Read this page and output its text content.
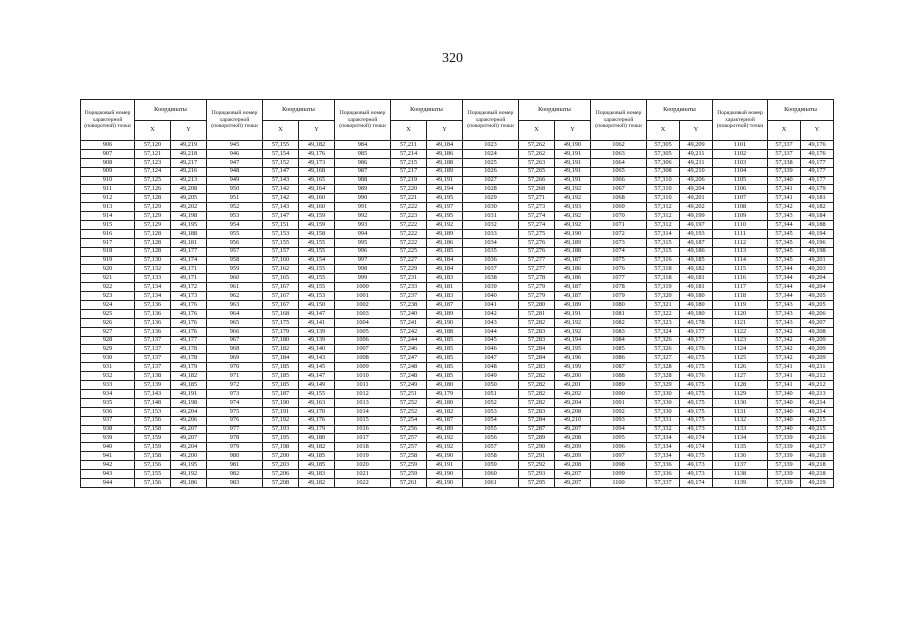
320
Порядковый номер характерной (поворотной) точки	Координаты		Порядковый номер характерной (поворотной) точки	Координаты		Порядковый номер характерной (поворотной) точки	Координаты		Порядковый номер характерной (поворотной) точки	Координаты		Порядковый номер характерной (поворотной) точки	Координаты		Порядковый номер характерной (поворотной) точки	Координаты	
	X	Y		X	Y		X	Y		X	Y		X	Y		X	Y
906	57,120	49,219	945	57,155	49,182	984	57,211	49,184	1023	57,262	49,190	1062	57,305	49,209	1101	57,337	49,176
907	57,121	49,218	946	57,154	49,176	985	57,214	49,186	1024	57,262	49,191	1063	57,305	49,211	1102	57,337	49,176
908	57,123	49,217	947	57,152	49,173	986	57,215	49,188	1025	57,263	49,191	1064	57,306	49,211	1103	57,338	49,177
909	57,124	49,216	948	57,147	49,168	987	57,217	49,189	1026	57,265	49,191	1065	57,308	49,210	1104	57,339	49,177
910	57,125	49,213	949	57,143	49,165	988	57,219	49,191	1027	57,266	49,191	1066	57,310	49,206	1105	57,340	49,177
911	57,126	49,208	950	57,142	49,164	989	57,220	49,194	1028	57,268	49,192	1067	57,310	49,204	1106	57,341	49,179
912	57,128	49,205	951	57,142	49,160	990	57,221	49,195	1029	57,271	49,192	1068	57,310	49,201	1107	57,341	49,181
913	57,129	49,202	952	57,143	49,160	991	57,222	49,197	1030	57,273	49,193	1069	57,312	49,202	1108	57,342	49,182
914	57,129	49,198	953	57,147	49,159	992	57,223	49,195	1031	57,274	49,192	1070	57,312	49,199	1109	57,343	49,184
915	57,129	49,195	954	57,151	49,159	993	57,222	49,192	1032	57,274	49,192	1071	57,312	49,197	1110	57,344	49,188
916	57,128	49,188	955	57,153	49,158	994	57,222	49,189	1033	57,275	49,190	1072	57,314	49,193	1111	57,345	49,194
917	57,128	49,181	956	57,155	49,155	995	57,222	49,186	1034	57,276	49,189	1073	57,315	49,187	1112	57,345	49,196
918	57,128	49,177	957	57,157	49,155	996	57,225	49,185	1035	57,276	49,188	1074	57,315	49,186	1113	57,345	49,198
919	57,130	49,174	958	57,160	49,154	997	57,227	49,184	1036	57,277	49,187	1075	57,316	49,185	1114	57,345	49,201
920	57,132	49,171	959	57,162	49,155	998	57,229	49,184	1037	57,277	49,186	1076	57,318	49,182	1115	57,344	49,203
921	57,133	49,171	960	57,165	49,155	999	57,231	49,183	1038	57,278	49,186	1077	57,318	49,181	1116	57,344	49,204
922	57,134	49,172	961	57,167	49,155	1000	57,233	49,181	1039	57,279	49,187	1078	57,319	49,181	1117	57,344	49,204
923	57,134	49,173	962	57,167	49,153	1001	57,237	49,183	1040	57,279	49,187	1079	57,320	49,180	1118	57,344	49,205
924	57,136	49,176	963	57,167	49,150	1002	57,238	49,187	1041	57,280	49,189	1080	57,321	49,180	1119	57,343	49,205
925	57,136	49,176	964	57,168	49,147	1003	57,240	49,189	1042	57,281	49,191	1081	57,322	49,180	1120	57,343	49,206
926	57,136	49,176	965	57,175	49,141	1004	57,241	49,190	1043	57,282	49,192	1082	57,323	49,178	1121	57,343	49,207
927	57,136	49,176	966	57,179	49,139	1005	57,242	49,188	1044	57,283	49,192	1083	57,324	49,177	1122	57,342	49,208
928	57,137	49,177	967	57,180	49,139	1006	57,244	49,185	1045	57,283	49,194	1084	57,326	49,177	1123	57,342	49,209
929	57,137	49,178	968	57,182	49,140	1007	57,246	49,185	1046	57,284	49,195	1085	57,326	49,176	1124	57,342	49,209
930	57,137	49,178	969	57,184	49,143	1008	57,247	49,185	1047	57,284	49,196	1086	57,327	49,175	1125	57,342	49,209
931	57,137	49,179	970	57,185	49,145	1009	57,248	49,185	1048	57,283	49,199	1087	57,328	49,175	1126	57,341	49,211
932	57,138	49,182	971	57,185	49,147	1010	57,248	49,185	1049	57,282	49,200	1088	57,328	49,176	1127	57,341	49,212
933	57,139	49,185	972	57,185	49,149	1011	57,249	49,180	1050	57,282	49,201	1089	57,329	49,175	1128	57,341	49,212
934	57,143	49,191	973	57,187	49,155	1012	57,251	49,179	1051	57,282	49,202	1090	57,330	49,175	1129	57,340	49,213
935	57,148	49,198	974	57,190	49,163	1013	57,252	49,180	1052	57,282	49,204	1091	57,330	49,175	1130	57,340	49,214
936	57,153	49,204	975	57,191	49,170	1014	57,252	49,182	1053	57,283	49,208	1092	57,330	49,175	1131	57,340	49,214
937	57,156	49,206	976	57,192	49,176	1015	57,254	49,187	1054	57,284	49,210	1093	57,331	49,175	1132	57,340	49,215
938	57,158	49,207	977	57,193	49,179	1016	57,256	49,189	1055	57,287	49,207	1094	57,332	49,173	1133	57,340	49,215
939	57,159	49,207	978	57,195	49,180	1017	57,257	49,192	1056	57,289	49,208	1095	57,334	49,174	1134	57,339	49,216
940	57,159	49,204	979	57,198	49,182	1018	57,257	49,192	1057	57,290	49,209	1096	57,334	49,174	1135	57,339	49,217
941	57,158	49,200	980	57,200	49,185	1019	57,258	49,190	1058	57,291	49,209	1097	57,334	49,175	1136	57,339	49,218
942	57,156	49,195	981	57,203	49,185	1020	57,259	49,191	1059	57,292	49,208	1098	57,336	49,173	1137	57,339	49,218
943	57,155	49,192	982	57,206	49,183	1021	57,259	49,190	1060	57,293	49,207	1099	57,336	49,173	1138	57,339	49,218
944	57,156	49,186	983	57,208	49,182	1022	57,261	49,190	1061	57,295	49,207	1100	57,337	49,174	1139	57,339	49,219
